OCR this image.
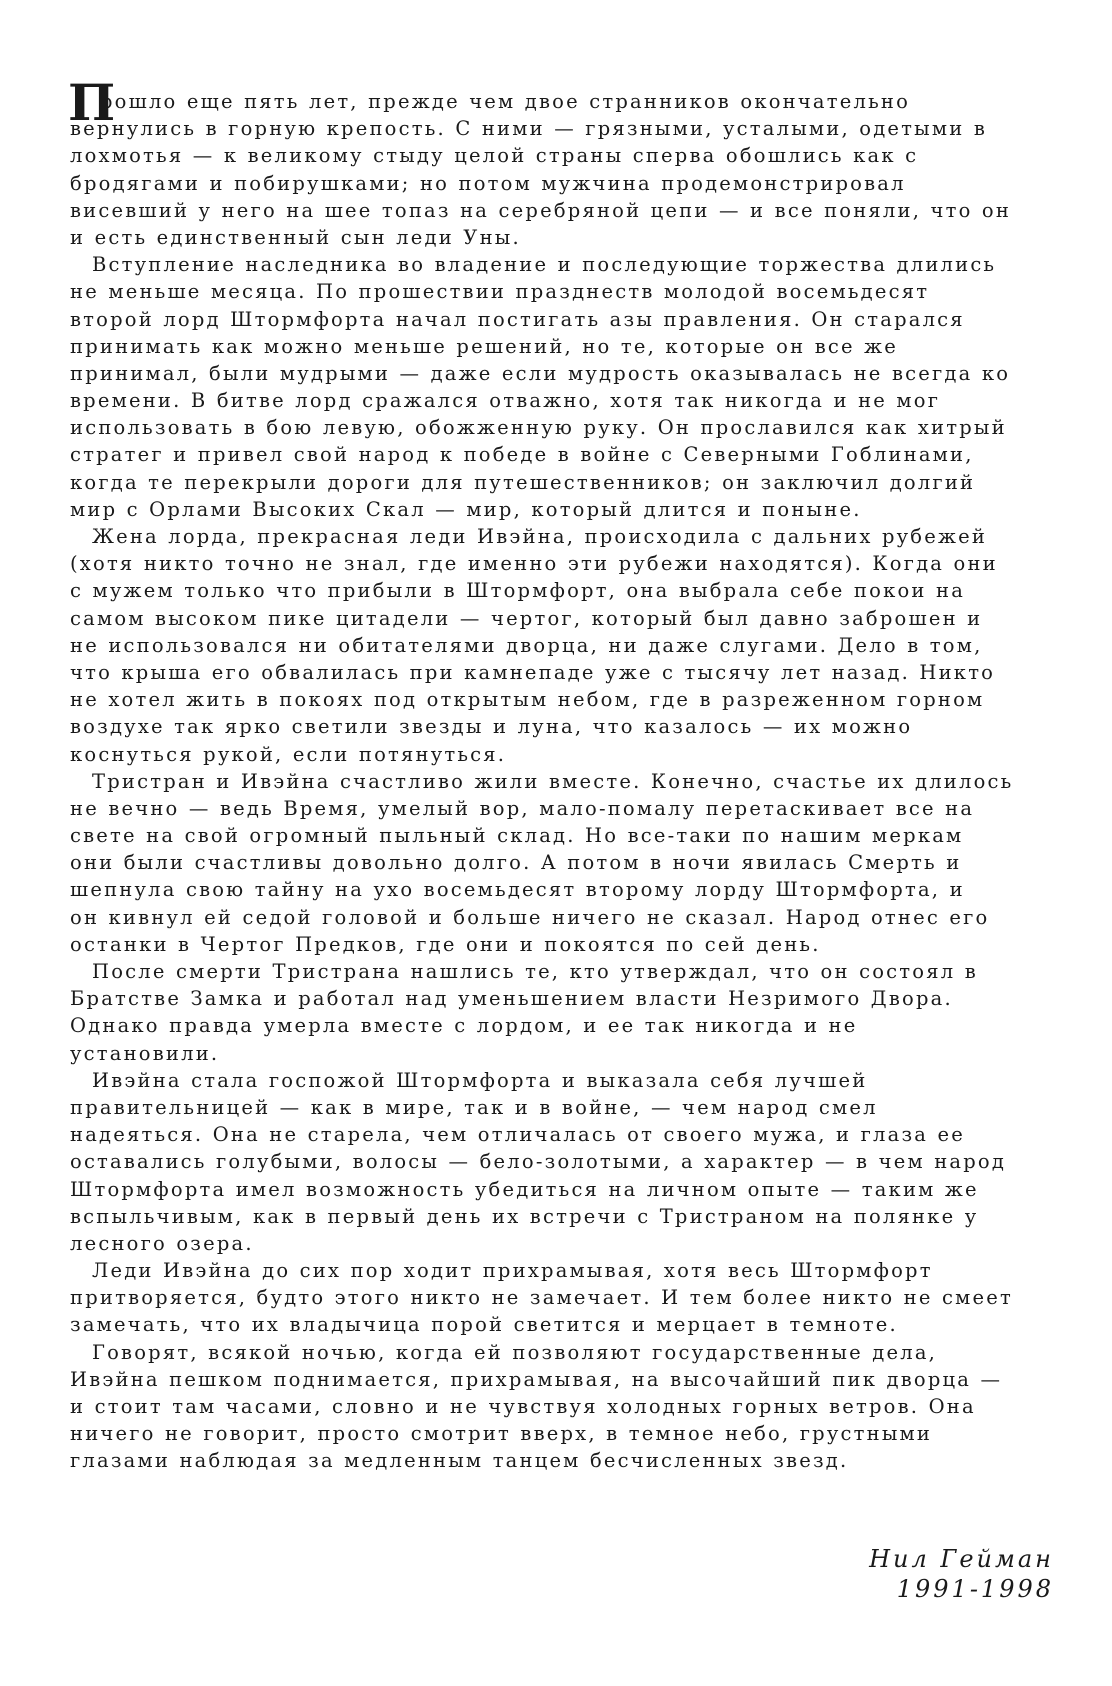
П
рошло еще пять лет, прежде чем двое странников окончательно
вернулись в горную крепость. С ними — грязными, усталыми, одетыми в
лохмотья — к великому стыду целой страны сперва обошлись как с
бродягами и побирушками; но потом мужчина продемонстрировал
висевший у него на шее топаз на серебряной цепи — и все поняли, что он
и есть единственный сын леди Уны.
Вступление наследника во владение и последующие торжества длились
не меньше месяца. По прошествии празднеств молодой восемьдесят
второй лорд Штормфорта начал постигать азы правления. Он старался
принимать как можно меньше решений, но те, которые он все же
принимал, были мудрыми — даже если мудрость оказывалась не всегда ко
времени. В битве лорд сражался отважно, хотя так никогда и не мог
использовать в бою левую, обожженную руку. Он прославился как хитрый
стратег и привел свой народ к победе в войне с Северными Гоблинами,
когда те перекрыли дороги для путешественников; он заключил долгий
мир с Орлами Высоких Скал — мир, который длится и поныне.
Жена лорда, прекрасная леди Ивэйна, происходила с дальних рубежей
(хотя никто точно не знал, где именно эти рубежи находятся). Когда они
с мужем только что прибыли в Штормфорт, она выбрала себе покои на
самом высоком пике цитадели — чертог, который был давно заброшен и
не использовался ни обитателями дворца, ни даже слугами. Дело в том,
что крыша его обвалилась при камнепаде уже с тысячу лет назад. Никто
не хотел жить в покоях под открытым небом, где в разреженном горном
воздухе так ярко светили звезды и луна, что казалось — их можно
коснуться рукой, если потянуться.
Тристран и Ивэйна счастливо жили вместе. Конечно, счастье их длилось
не вечно — ведь Время, умелый вор, мало-помалу перетаскивает все на
свете на свой огромный пыльный склад. Но все-таки по нашим меркам
они были счастливы довольно долго. А потом в ночи явилась Смерть и
шепнула свою тайну на ухо восемьдесят второму лорду Штормфорта, и
он кивнул ей седой головой и больше ничего не сказал. Народ отнес его
останки в Чертог Предков, где они и покоятся по сей день.
После смерти Тристрана нашлись те, кто утверждал, что он состоял в
Братстве Замка и работал над уменьшением власти Незримого Двора.
Однако правда умерла вместе с лордом, и ее так никогда и не
установили.
Ивэйна стала госпожой Штормфорта и выказала себя лучшей
правительницей — как в мире, так и в войне, — чем народ смел
надеяться. Она не старела, чем отличалась от своего мужа, и глаза ее
оставались голубыми, волосы — бело-золотыми, а характер — в чем народ
Штормфорта имел возможность убедиться на личном опыте — таким же
вспыльчивым, как в первый день их встречи с Тристраном на полянке у
лесного озера.
Леди Ивэйна до сих пор ходит прихрамывая, хотя весь Штормфорт
притворяется, будто этого никто не замечает. И тем более никто не смеет
замечать, что их владычица порой светится и мерцает в темноте.
Говорят, всякой ночью, когда ей позволяют государственные дела,
Ивэйна пешком поднимается, прихрамывая, на высочайший пик дворца —
и стоит там часами, словно и не чувствуя холодных горных ветров. Она
ничего не говорит, просто смотрит вверх, в темное небо, грустными
глазами наблюдая за медленным танцем бесчисленных звезд.
Нил Гейман
1991-1998
